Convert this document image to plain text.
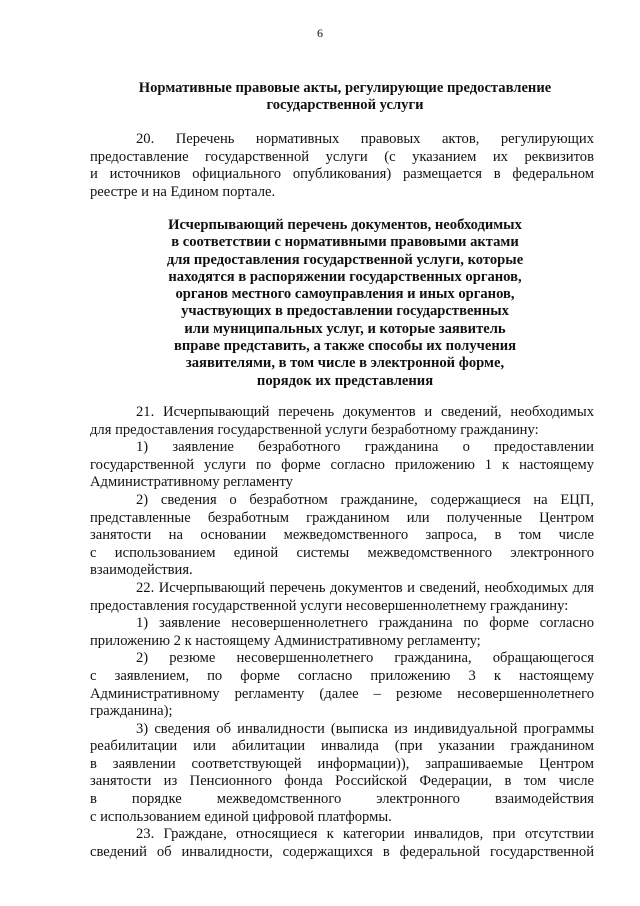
6
Нормативные правовые акты, регулирующие предоставление
государственной услуги
20. Перечень нормативных правовых актов, регулирующих
предоставление государственной услуги (с указанием их реквизитов
и источников официального опубликования) размещается в федеральном
реестре и на Едином портале.
Исчерпывающий перечень документов, необходимых
в соответствии с нормативными правовыми актами
для предоставления государственной услуги, которые
находятся в распоряжении государственных органов,
органов местного самоуправления и иных органов,
участвующих в предоставлении государственных
или муниципальных услуг, и которые заявитель
вправе представить, а также способы их получения
заявителями, в том числе в электронной форме,
порядок их представления
21. Исчерпывающий перечень документов и сведений, необходимых
для предоставления государственной услуги безработному гражданину:
1) заявление безработного гражданина о предоставлении
государственной услуги по форме согласно приложению 1 к настоящему
Административному регламенту
2) сведения о безработном гражданине, содержащиеся на ЕЦП,
представленные безработным гражданином или полученные Центром
занятости на основании межведомственного запроса, в том числе
с использованием единой системы межведомственного электронного
взаимодействия.
22. Исчерпывающий перечень документов и сведений, необходимых для
предоставления государственной услуги несовершеннолетнему гражданину:
1) заявление несовершеннолетнего гражданина по форме согласно
приложению 2 к настоящему Административному регламенту;
2) резюме несовершеннолетнего гражданина, обращающегося
с заявлением, по форме согласно приложению 3 к настоящему
Административному регламенту (далее – резюме несовершеннолетнего
гражданина);
3) сведения об инвалидности (выписка из индивидуальной программы
реабилитации или абилитации инвалида (при указании гражданином
в заявлении соответствующей информации)), запрашиваемые Центром
занятости из Пенсионного фонда Российской Федерации, в том числе
в порядке межведомственного электронного взаимодействия
с использованием единой цифровой платформы.
23. Граждане, относящиеся к категории инвалидов, при отсутствии
сведений об инвалидности, содержащихся в федеральной государственной
